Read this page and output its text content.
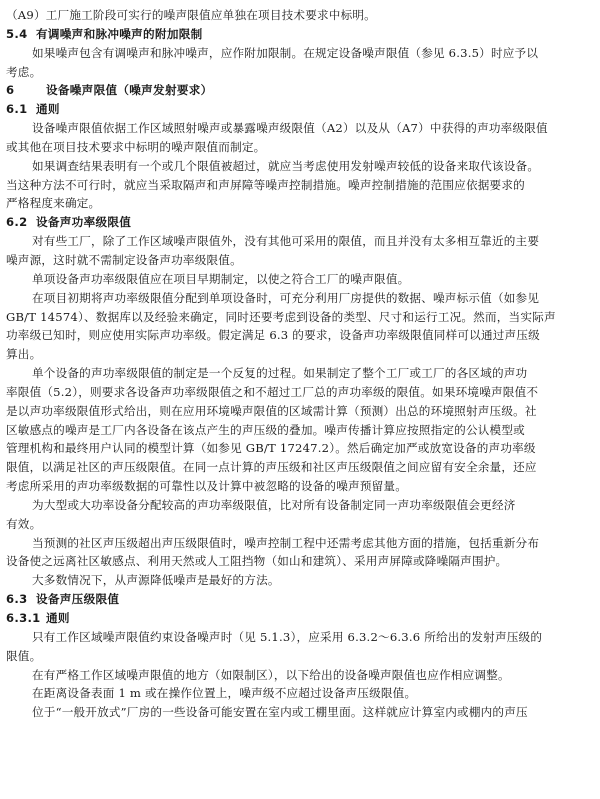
（A9）工厂施工阶段可实行的噪声限值应单独在项目技术要求中标明。
5.4 有调噪声和脉冲噪声的附加限制
如果噪声包含有调噪声和脉冲噪声，应作附加限制。在规定设备噪声限值（参见 6.3.5）时应予以
考虑。
6	设备噪声限值（噪声发射要求）
6.1 通则
设备噪声限值依据工作区域照射噪声或暴露噪声级限值（A2）以及从（A7）中获得的声功率级限值
或其他在项目技术要求中标明的噪声限值而制定。
如果调查结果表明有一个或几个限值被超过，就应当考虑使用发射噪声较低的设备来取代该设备。
当这种方法不可行时，就应当采取隔声和声屏障等噪声控制措施。噪声控制措施的范围应依据要求的
严格程度来确定。
6.2 设备声功率级限值
对有些工厂，除了工作区域噪声限值外，没有其他可采用的限值，而且并没有太多相互靠近的主要
噪声源，这时就不需制定设备声功率级限值。
单项设备声功率级限值应在项目早期制定，以使之符合工厂的噪声限值。
在项目初期将声功率级限值分配到单项设备时，可充分利用厂房提供的数据、噪声标示值（如参见
GB/T 14574）、数据库以及经验来确定，同时还要考虑到设备的类型、尺寸和运行工况。然而，当实际声
功率级已知时，则应使用实际声功率级。假定满足 6.3 的要求，设备声功率级限值同样可以通过声压级
算出。
单个设备的声功率级限值的制定是一个反复的过程。如果制定了整个工厂或工厂的各区域的声功
率限值（5.2），则要求各设备声功率级限值之和不超过工厂总的声功率级的限值。如果环境噪声限值不
是以声功率级限值形式给出，则在应用环境噪声限值的区域需计算（预测）出总的环境照射声压级。社
区敏感点的噪声是工厂内各设备在该点产生的声压级的叠加。噪声传播计算应按照指定的公认模型或
管理机构和最终用户认同的模型计算（如参见 GB/T 17247.2）。然后确定加严或放宽设备的声功率级
限值，以满足社区的声压级限值。在同一点计算的声压级和社区声压级限值之间应留有安全余量，还应
考虑所采用的声功率级数据的可靠性以及计算中被忽略的设备的噪声预留量。
为大型或大功率设备分配较高的声功率级限值，比对所有设备制定同一声功率级限值会更经济
有效。
当预测的社区声压级超出声压级限值时，噪声控制工程中还需考虑其他方面的措施，包括重新分布
设备使之远离社区敏感点、利用天然或人工阻挡物（如山和建筑）、采用声屏障或降噪隔声围护。
大多数情况下，从声源降低噪声是最好的方法。
6.3 设备声压级限值
6.3.1 通则
只有工作区域噪声限值约束设备噪声时（见 5.1.3），应采用 6.3.2～6.3.6 所给出的发射声压级的
限值。
在有严格工作区域噪声限值的地方（如限制区），以下给出的设备噪声限值也应作相应调整。
在距离设备表面 1 m 或在操作位置上，噪声级不应超过设备声压级限值。
位于“一般开放式”厂房的一些设备可能安置在室内或工棚里面。这样就应计算室内或棚内的声压
